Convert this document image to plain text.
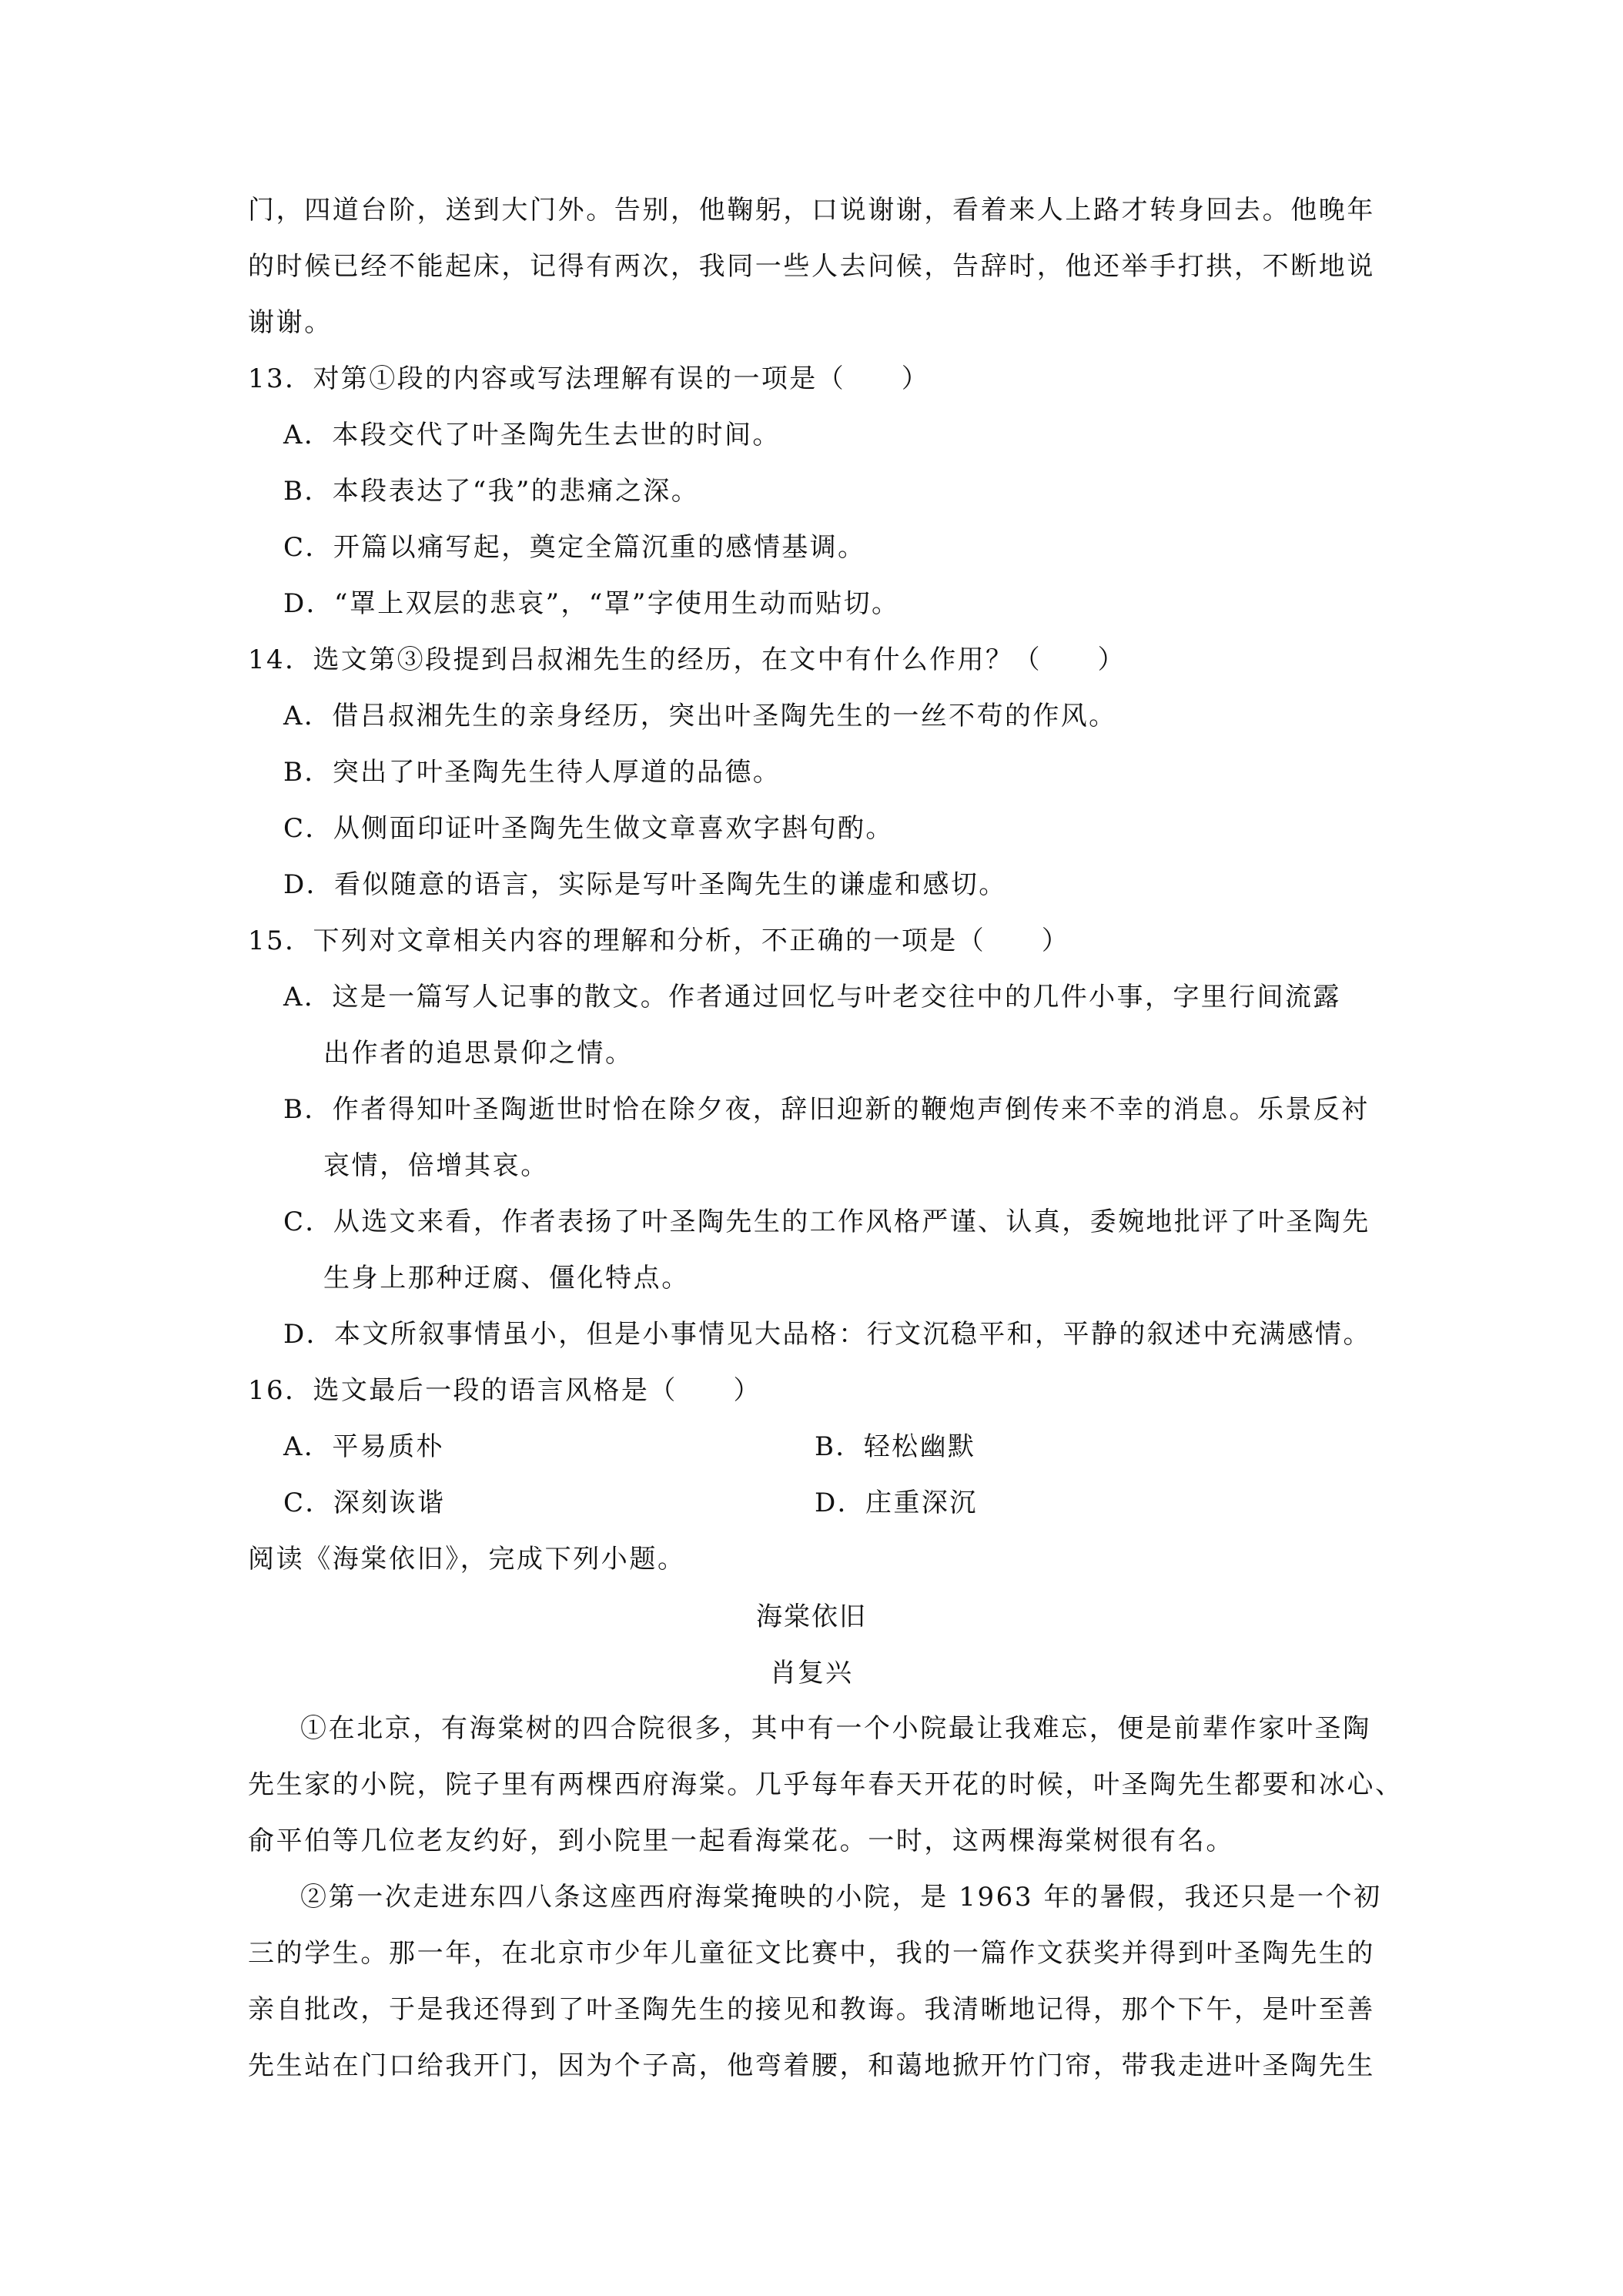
门，四道台阶，送到大门外。告别，他鞠躬，口说谢谢，看着来人上路才转身回去。他晚年
的时候已经不能起床，记得有两次，我同一些人去问候，告辞时，他还举手打拱，不断地说
谢谢。
13．对第①段的内容或写法理解有误的一项是（　　）
A．本段交代了叶圣陶先生去世的时间。
B．本段表达了“我”的悲痛之深。
C．开篇以痛写起，奠定全篇沉重的感情基调。
D．“罩上双层的悲哀”，“罩”字使用生动而贴切。
14．选文第③段提到吕叔湘先生的经历，在文中有什么作用？（　　）
A．借吕叔湘先生的亲身经历，突出叶圣陶先生的一丝不苟的作风。
B．突出了叶圣陶先生待人厚道的品德。
C．从侧面印证叶圣陶先生做文章喜欢字斟句酌。
D．看似随意的语言，实际是写叶圣陶先生的谦虚和感切。
15．下列对文章相关内容的理解和分析，不正确的一项是（　　）
A．这是一篇写人记事的散文。作者通过回忆与叶老交往中的几件小事，字里行间流露
出作者的追思景仰之情。
B．作者得知叶圣陶逝世时恰在除夕夜，辞旧迎新的鞭炮声倒传来不幸的消息。乐景反衬
哀情，倍增其哀。
C．从选文来看，作者表扬了叶圣陶先生的工作风格严谨、认真，委婉地批评了叶圣陶先
生身上那种迂腐、僵化特点。
D．本文所叙事情虽小，但是小事情见大品格：行文沉稳平和，平静的叙述中充满感情。
16．选文最后一段的语言风格是（　　）
A．平易质朴	B．轻松幽默
C．深刻诙谐	D．庄重深沉
阅读《海棠依旧》，完成下列小题。
海棠依旧
肖复兴
①在北京，有海棠树的四合院很多，其中有一个小院最让我难忘，便是前辈作家叶圣陶
先生家的小院，院子里有两棵西府海棠。几乎每年春天开花的时候，叶圣陶先生都要和冰心、
俞平伯等几位老友约好，到小院里一起看海棠花。一时，这两棵海棠树很有名。
②第一次走进东四八条这座西府海棠掩映的小院，是 1963 年的暑假，我还只是一个初
三的学生。那一年，在北京市少年儿童征文比赛中，我的一篇作文获奖并得到叶圣陶先生的
亲自批改，于是我还得到了叶圣陶先生的接见和教诲。我清晰地记得，那个下午，是叶至善
先生站在门口给我开门，因为个子高，他弯着腰，和蔼地掀开竹门帘，带我走进叶圣陶先生
